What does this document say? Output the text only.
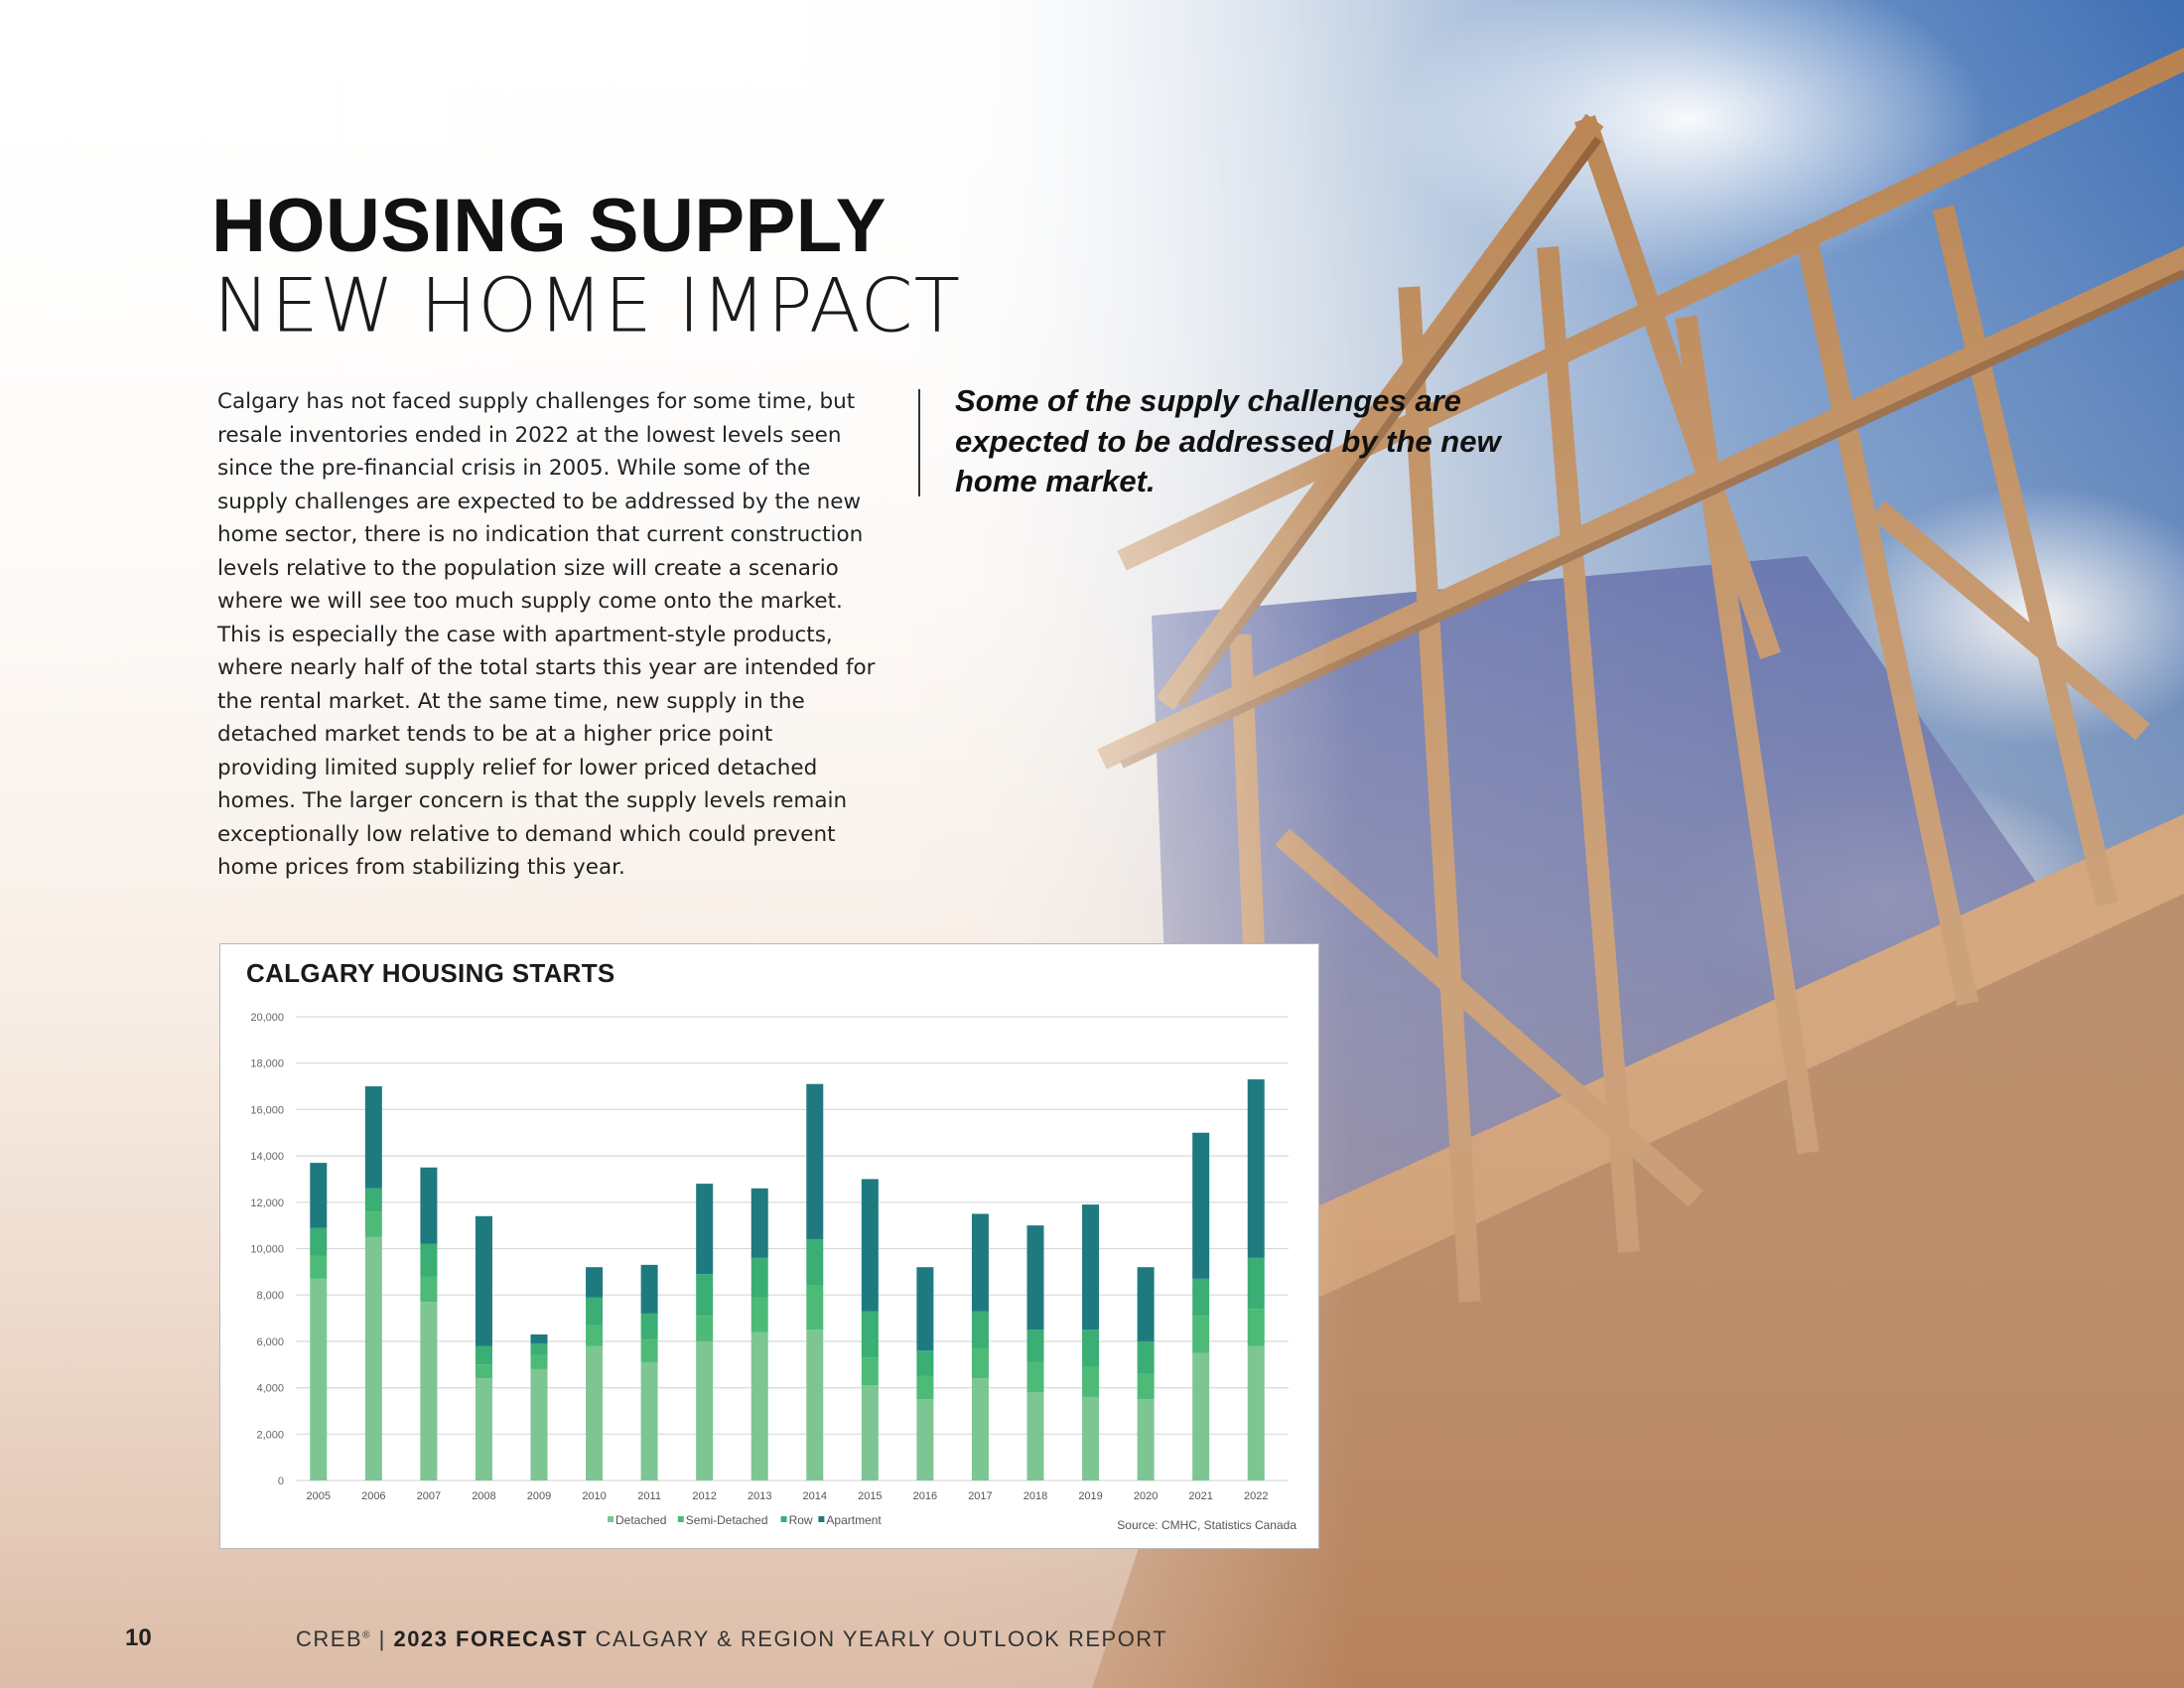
HOUSING SUPPLY
NEW HOME IMPACT

Calgary has not faced supply challenges for some time, but resale inventories ended in 2022 at the lowest levels seen since the pre-financial crisis in 2005. While some of the supply challenges are expected to be addressed by the new home sector, there is no indication that current construction levels relative to the population size will create a scenario where we will see too much supply come onto the market. This is especially the case with apartment-style products, where nearly half of the total starts this year are intended for the rental market. At the same time, new supply in the detached market tends to be at a higher price point providing limited supply relief for lower priced detached homes. The larger concern is that the supply levels remain exceptionally low relative to demand which could prevent home prices from stabilizing this year.

Some of the supply challenges are expected to be addressed by the new home market.

CALGARY HOUSING STARTS
0
2,000
4,000
6,000
8,000
10,000
12,000
14,000
16,000
18,000
20,000
2005	2006	2007	2008	2009	2010	2011	2012	2013	2014	2015	2016	2017	2018	2019	2020	2021	2022
Detached Semi-Detached Row Apartment	Source: CMHC, Statistics Canada
10	CREB® | 2023 FORECAST CALGARY & REGION YEARLY OUTLOOK REPORT
